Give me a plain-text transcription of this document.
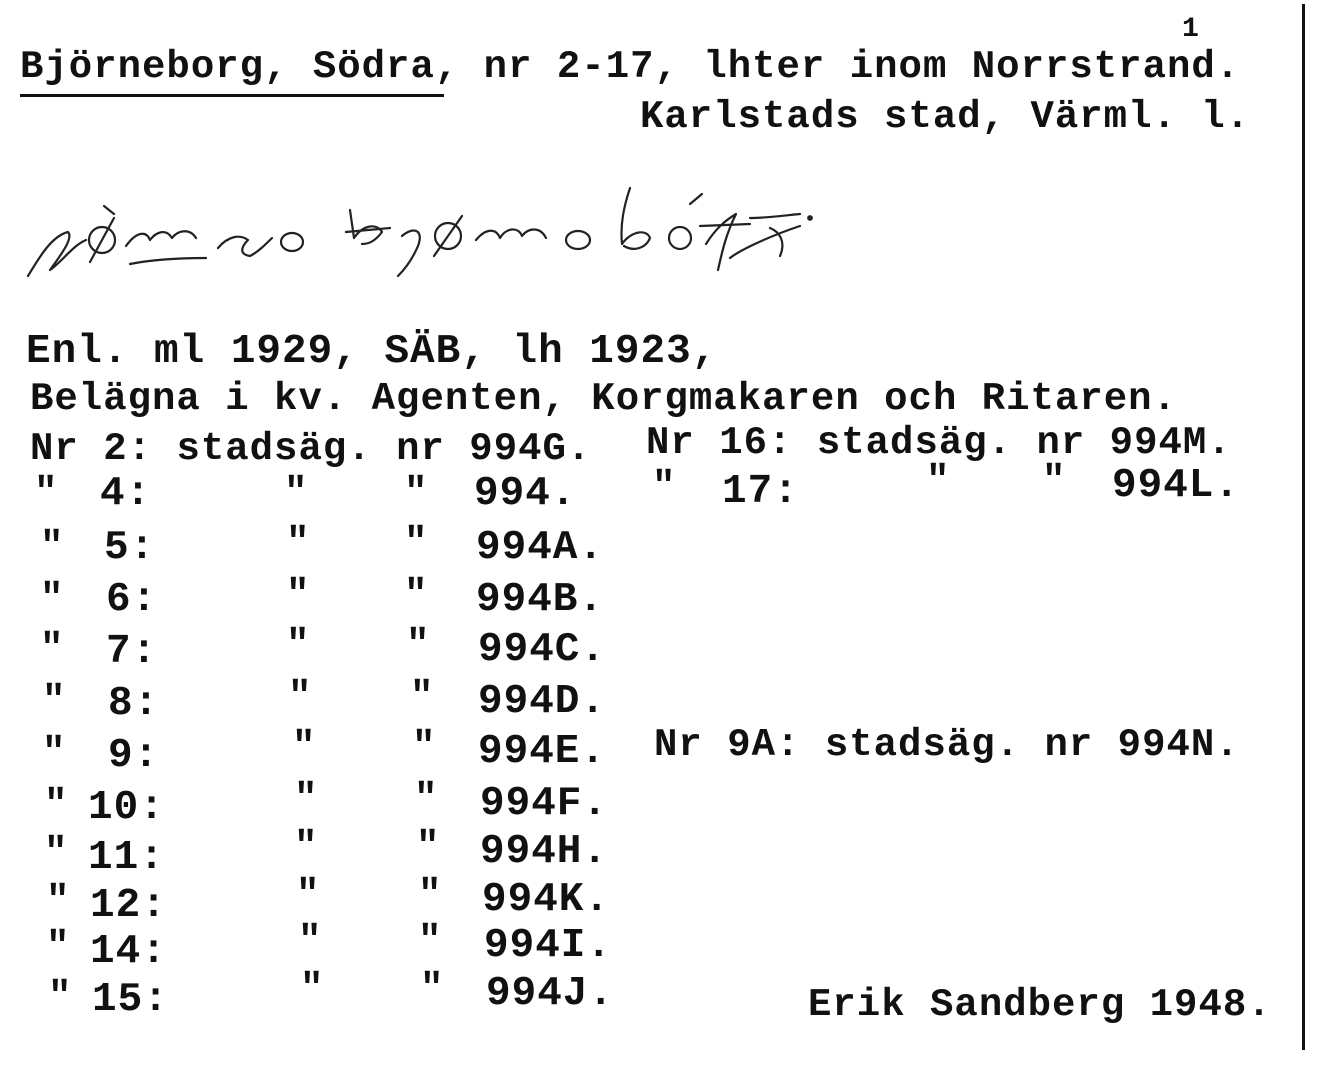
1
Björneborg, Södra, nr 2-17, lhter inom Norrstrand.
Karlstads stad, Värml. l.
Enl. ml 1929, SÄB, lh 1923,
Belägna i kv. Agenten, Korgmakaren och Ritaren.
Nr 2: stadsäg. nr 994G.
" 4:	" " 994.
" 5:	" " 994A.
" 6:	" " 994B.
" 7:	" " 994C.
" 8:	"	" 994D.
" 9:	" " 994E.
" 10:	" " 994F.
" 11:	"	" 994H.
" 12:	"	" 994K.
" 14:	" " 994I.
" 15:	" " 994J.
Nr 16: stadsäg. nr 994M.
" 17:	" " 994L.
Nr 9A: stadsäg. nr 994N.
Erik Sandberg 1948.
